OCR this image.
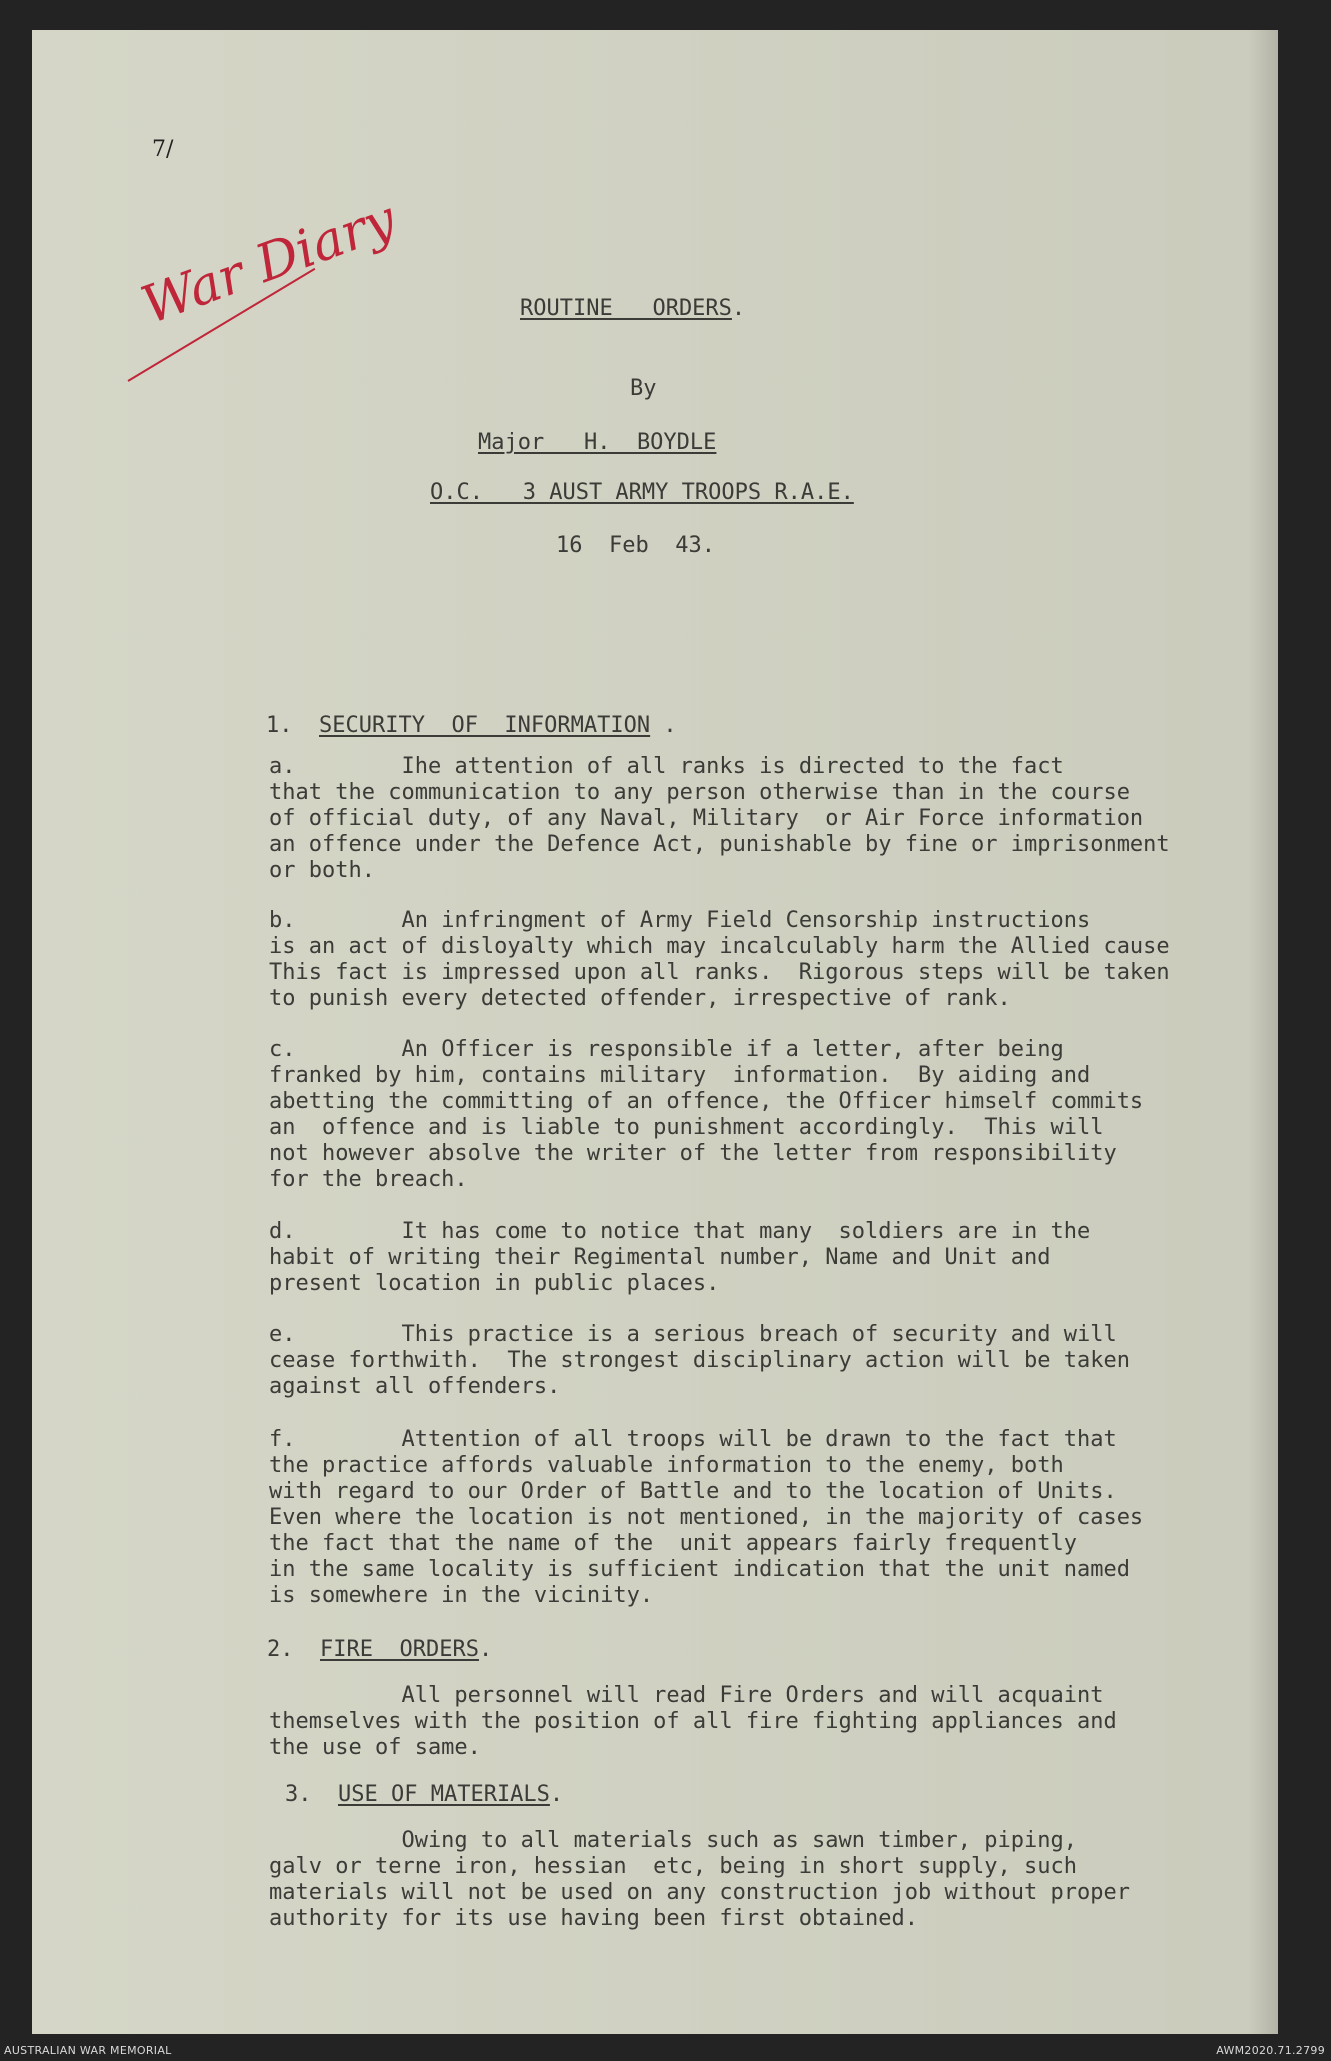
7/
War Diary	ROUTINE   ORDERS.
By
Major   H.  BOYDLE
O.C.   3 AUST ARMY TROOPS R.A.E.
16  Feb  43.
1. SECURITY  OF  INFORMATION .
a.        Ihe attention of all ranks is directed to the fact
that the communication to any person otherwise than in the course
of official duty, of any Naval, Military  or Air Force information
an offence under the Defence Act, punishable by fine or imprisonment
or both.
b.        An infringment of Army Field Censorship instructions
is an act of disloyalty which may incalculably harm the Allied cause
This fact is impressed upon all ranks.  Rigorous steps will be taken
to punish every detected offender, irrespective of rank.
c.        An Officer is responsible if a letter, after being
franked by him, contains military  information.  By aiding and
abetting the committing of an offence, the Officer himself commits
an  offence and is liable to punishment accordingly.  This will
not however absolve the writer of the letter from responsibility
for the breach.
d.        It has come to notice that many  soldiers are in the
habit of writing their Regimental number, Name and Unit and
present location in public places.
e.        This practice is a serious breach of security and will
cease forthwith.  The strongest disciplinary action will be taken
against all offenders.
f.        Attention of all troops will be drawn to the fact that
the practice affords valuable information to the enemy, both
with regard to our Order of Battle and to the location of Units.
Even where the location is not mentioned, in the majority of cases
the fact that the name of the  unit appears fairly frequently
in the same locality is sufficient indication that the unit named
is somewhere in the vicinity.
2. FIRE  ORDERS.
All personnel will read Fire Orders and will acquaint
themselves with the position of all fire fighting appliances and
the use of same.
3. USE OF MATERIALS.
Owing to all materials such as sawn timber, piping,
galv or terne iron, hessian  etc, being in short supply, such
materials will not be used on any construction job without proper
authority for its use having been first obtained.
AUSTRALIAN WAR MEMORIAL	AWM2020.71.2799
